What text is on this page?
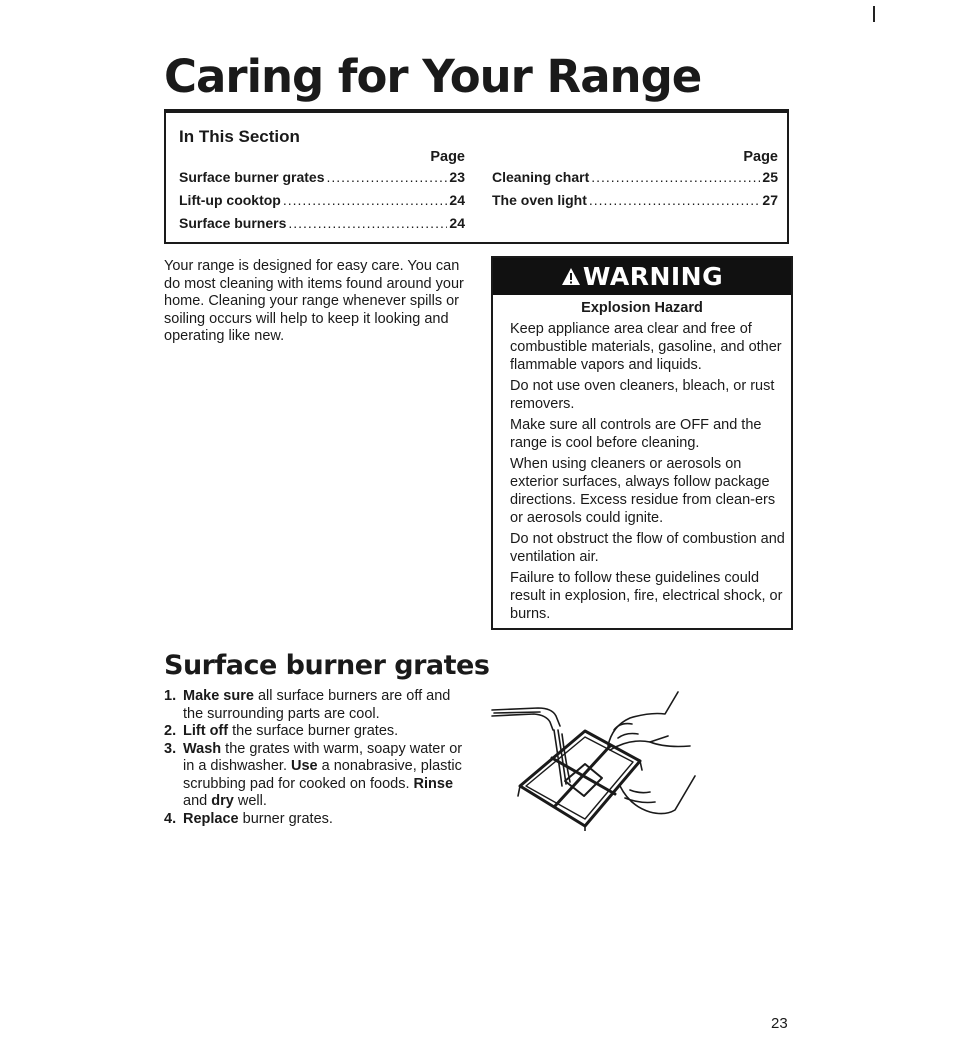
Caring for Your Range
In This Section
Page
Surface burner grates .....	23
Lift-up cooktop .....	24
Surface burners .....	24
Page
Cleaning chart .....	25
The oven light .....	27
Your range is designed for easy care. You can do most cleaning with items found around your home. Cleaning your range whenever spills or soiling occurs will help to keep it looking and operating like new.
WARNING
Explosion Hazard

Keep appliance area clear and free of combustible materials, gasoline, and other flammable vapors and liquids.

Do not use oven cleaners, bleach, or rust removers.

Make sure all controls are OFF and the range is cool before cleaning.

When using cleaners or aerosols on exterior surfaces, always follow package directions. Excess residue from clean-ers or aerosols could ignite.

Do not obstruct the flow of combustion and ventilation air.

Failure to follow these guidelines could result in explosion, fire, electrical shock, or burns.

Surface burner grates
1. Make sure all surface burners are off and the surrounding parts are cool.
2. Lift off the surface burner grates.
3. Wash the grates with warm, soapy water or in a dishwasher. Use a nonabrasive, plastic scrubbing pad for cooked on foods. Rinse and dry well.
4. Replace burner grates.
23
